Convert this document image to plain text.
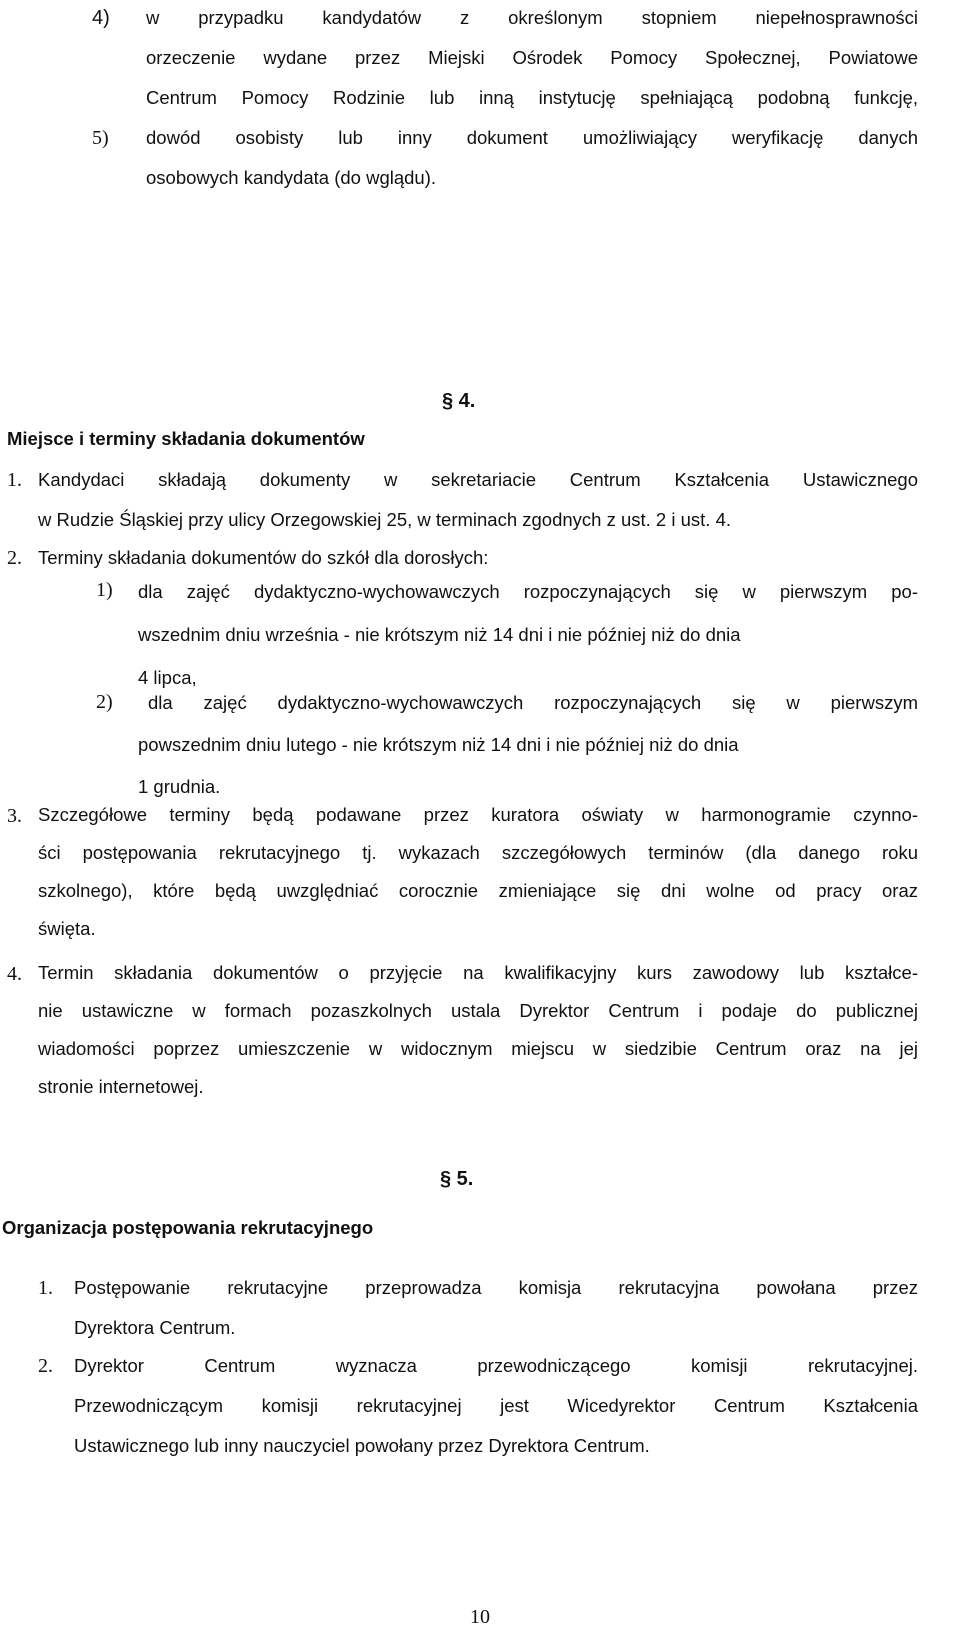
4) w przypadku kandydatów z określonym stopniem niepełnosprawności
orzeczenie wydane przez Miejski Ośrodek Pomocy Społecznej, Powiatowe
Centrum Pomocy Rodzinie lub inną instytucję spełniającą podobną funkcję,
5) dowód osobisty lub inny dokument umożliwiający weryfikację danych
osobowych kandydata (do wglądu).
§ 4.
Miejsce i terminy składania dokumentów
1. Kandydaci składają dokumenty w sekretariacie Centrum Kształcenia Ustawicznego
w Rudzie Śląskiej przy ulicy Orzegowskiej 25, w terminach zgodnych z ust. 2 i ust. 4.
2. Terminy składania dokumentów do szkół dla dorosłych:
1) dla zajęć dydaktyczno-wychowawczych rozpoczynających się w pierwszym po-
wszednim dniu września - nie krótszym niż 14 dni i nie później niż do dnia
4 lipca,
2)	dla zajęć dydaktyczno-wychowawczych rozpoczynających się w pierwszym
powszednim dniu lutego - nie krótszym niż 14 dni i nie później niż do dnia
1 grudnia.
3. Szczegółowe terminy będą podawane przez kuratora oświaty w harmonogramie czynno-
ści postępowania rekrutacyjnego tj. wykazach szczegółowych terminów (dla danego roku
szkolnego), które będą uwzględniać corocznie zmieniające się dni wolne od pracy oraz
święta.
4. Termin składania dokumentów o przyjęcie na kwalifikacyjny kurs zawodowy lub kształce-
nie ustawiczne w formach pozaszkolnych ustala Dyrektor Centrum i podaje do publicznej
wiadomości poprzez umieszczenie w widocznym miejscu w siedzibie Centrum oraz na jej
stronie internetowej.
§ 5.
Organizacja postępowania rekrutacyjnego
1. Postępowanie rekrutacyjne przeprowadza komisja rekrutacyjna powołana przez
Dyrektora Centrum.
2. Dyrektor Centrum wyznacza przewodniczącego komisji rekrutacyjnej.
Przewodniczącym komisji rekrutacyjnej jest Wicedyrektor Centrum Kształcenia
Ustawicznego lub inny nauczyciel powołany przez Dyrektora Centrum.
10
